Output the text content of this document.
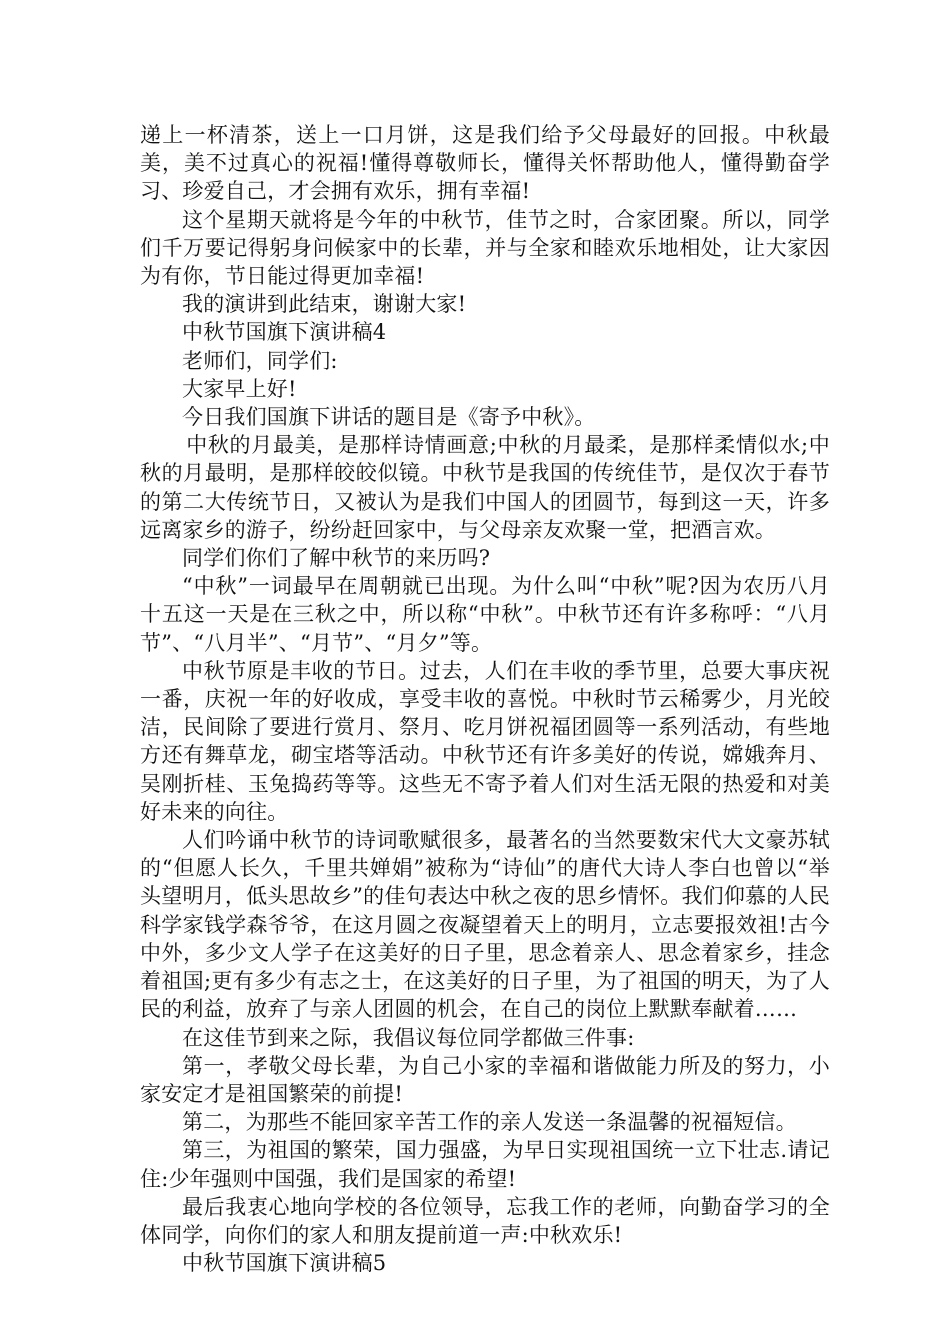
递上一杯清茶，送上一口月饼，这是我们给予父母最好的回报。中秋最美，美不过真心的祝福!懂得尊敬师长，懂得关怀帮助他人，懂得勤奋学习、珍爱自己，才会拥有欢乐，拥有幸福!

这个星期天就将是今年的中秋节，佳节之时，合家团聚。所以，同学们千万要记得躬身问候家中的长辈，并与全家和睦欢乐地相处，让大家因为有你，节日能过得更加幸福!

我的演讲到此结束，谢谢大家!

中秋节国旗下演讲稿4

老师们，同学们:

大家早上好!

今日我们国旗下讲话的题目是《寄予中秋》。

中秋的月最美，是那样诗情画意;中秋的月最柔，是那样柔情似水;中秋的月最明，是那样皎皎似镜。中秋节是我国的传统佳节，是仅次于春节的第二大传统节日，又被认为是我们中国人的团圆节，每到这一天，许多远离家乡的游子，纷纷赶回家中，与父母亲友欢聚一堂，把酒言欢。

同学们你们了解中秋节的来历吗?

“中秋”一词最早在周朝就已出现。为什么叫“中秋”呢?因为农历八月十五这一天是在三秋之中，所以称“中秋”。中秋节还有许多称呼：“八月节”、“八月半”、“月节”、“月夕”等。

中秋节原是丰收的节日。过去，人们在丰收的季节里，总要大事庆祝一番，庆祝一年的好收成，享受丰收的喜悦。中秋时节云稀雾少，月光皎洁，民间除了要进行赏月、祭月、吃月饼祝福团圆等一系列活动，有些地方还有舞草龙，砌宝塔等活动。中秋节还有许多美好的传说，嫦娥奔月、吴刚折桂、玉兔捣药等等。这些无不寄予着人们对生活无限的热爱和对美好未来的向往。

人们吟诵中秋节的诗词歌赋很多，最著名的当然要数宋代大文豪苏轼的“但愿人长久，千里共婵娟”被称为“诗仙”的唐代大诗人李白也曾以“举头望明月，低头思故乡”的佳句表达中秋之夜的思乡情怀。我们仰慕的人民科学家钱学森爷爷，在这月圆之夜凝望着天上的明月，立志要报效祖!古今中外，多少文人学子在这美好的日子里，思念着亲人、思念着家乡，挂念着祖国;更有多少有志之士，在这美好的日子里，为了祖国的明天，为了人民的利益，放弃了与亲人团圆的机会，在自己的岗位上默默奉献着……

在这佳节到来之际，我倡议每位同学都做三件事:

第一，孝敬父母长辈，为自己小家的幸福和谐做能力所及的努力，小家安定才是祖国繁荣的前提!

第二，为那些不能回家辛苦工作的亲人发送一条温馨的祝福短信。

第三，为祖国的繁荣，国力强盛，为早日实现祖国统一立下壮志.请记住:少年强则中国强，我们是国家的希望!

最后我衷心地向学校的各位领导，忘我工作的老师，向勤奋学习的全体同学，向你们的家人和朋友提前道一声:中秋欢乐!

中秋节国旗下演讲稿5
